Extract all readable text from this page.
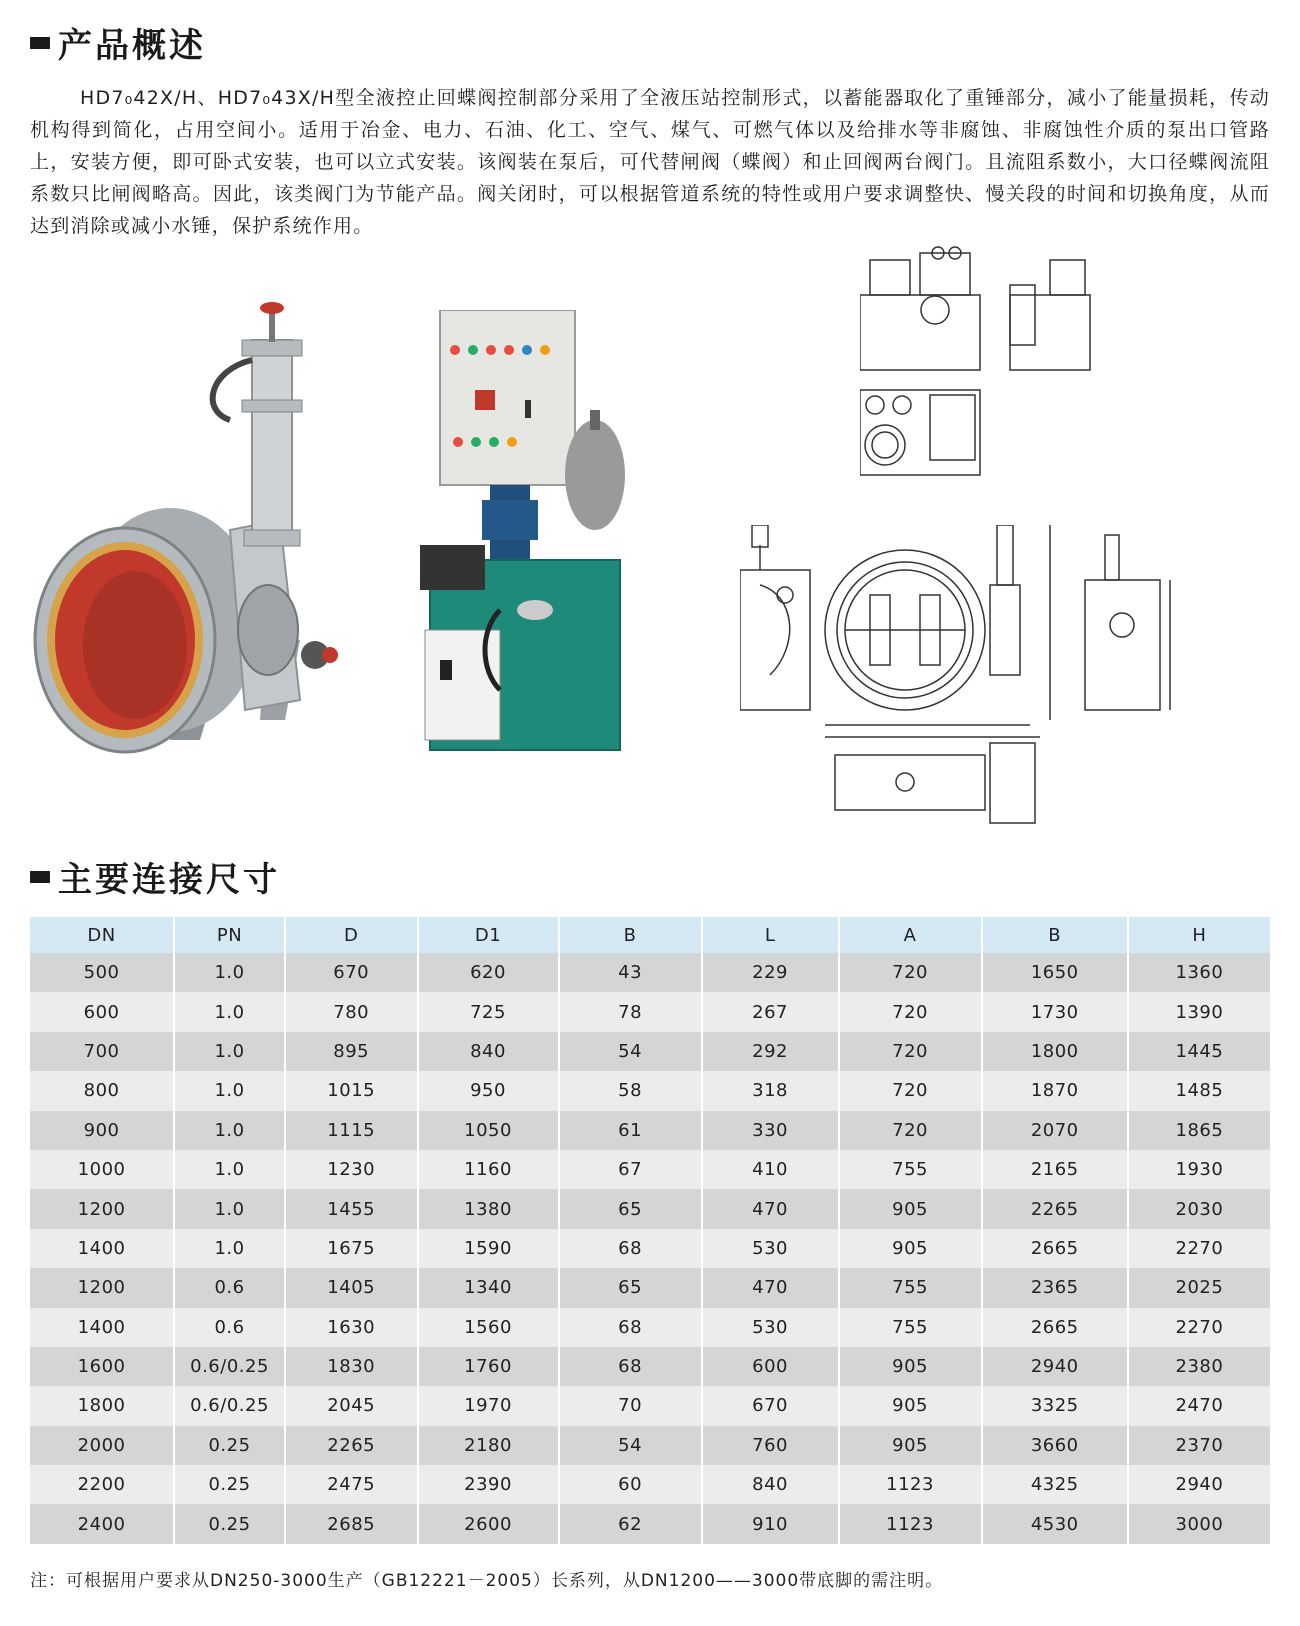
产品概述
HD7₀42X/H、HD7₀43X/H型全液控止回蝶阀控制部分采用了全液压站控制形式，以蓄能器取化了重锤部分，减小了能量损耗，传动机构得到简化，占用空间小。适用于冶金、电力、石油、化工、空气、煤气、可燃气体以及给排水等非腐蚀、非腐蚀性介质的泵出口管路上，安装方便，即可卧式安装，也可以立式安装。该阀装在泵后，可代替闸阀（蝶阀）和止回阀两台阀门。且流阻系数小，大口径蝶阀流阻系数只比闸阀略高。因此，该类阀门为节能产品。阀关闭时，可以根据管道系统的特性或用户要求调整快、慢关段的时间和切换角度，从而达到消除或减小水锤，保护系统作用。
主要连接尺寸
DN	PN	D	D1	B	L	A	B	H
500	1.0	670	620	43	229	720	1650	1360
600	1.0	780	725	78	267	720	1730	1390
700	1.0	895	840	54	292	720	1800	1445
800	1.0	1015	950	58	318	720	1870	1485
900	1.0	1115	1050	61	330	720	2070	1865
1000	1.0	1230	1160	67	410	755	2165	1930
1200	1.0	1455	1380	65	470	905	2265	2030
1400	1.0	1675	1590	68	530	905	2665	2270
1200	0.6	1405	1340	65	470	755	2365	2025
1400	0.6	1630	1560	68	530	755	2665	2270
1600	0.6/0.25	1830	1760	68	600	905	2940	2380
1800	0.6/0.25	2045	1970	70	670	905	3325	2470
2000	0.25	2265	2180	54	760	905	3660	2370
2200	0.25	2475	2390	60	840	1123	4325	2940
2400	0.25	2685	2600	62	910	1123	4530	3000
注：可根据用户要求从DN250-3000生产（GB12221－2005）长系列，从DN1200——3000带底脚的需注明。
